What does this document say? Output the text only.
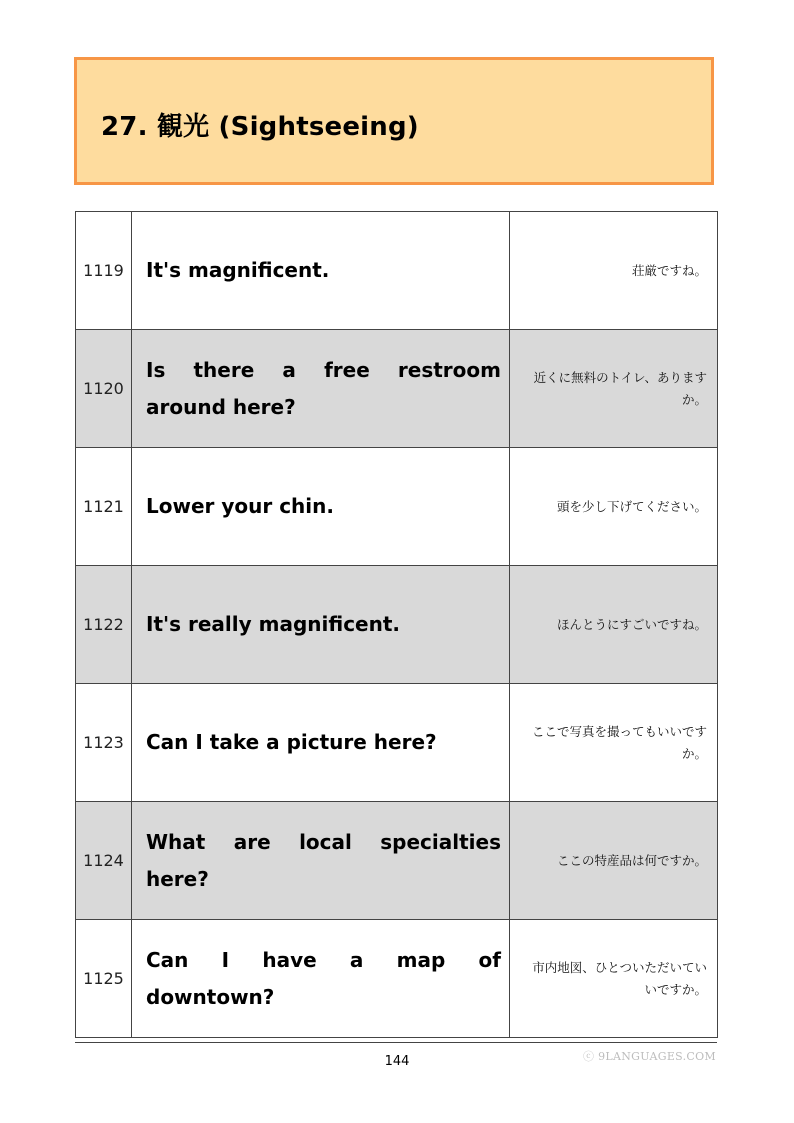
27. 観光 (Sightseeing)
1119	It's magnificent.	荘厳ですね。
1120	Is there a free restroom around here?	近くに無料のトイレ、ありますか。
1121	Lower your chin.	頭を少し下げてください。
1122	It's really magnificent.	ほんとうにすごいですね。
1123	Can I take a picture here?	ここで写真を撮ってもいいですか。
1124	What are local specialties here?	ここの特産品は何ですか。
1125	Can I have a map of downtown?	市内地図、ひとついただいていいですか。
144	ⓒ 9LANGUAGES.COM
